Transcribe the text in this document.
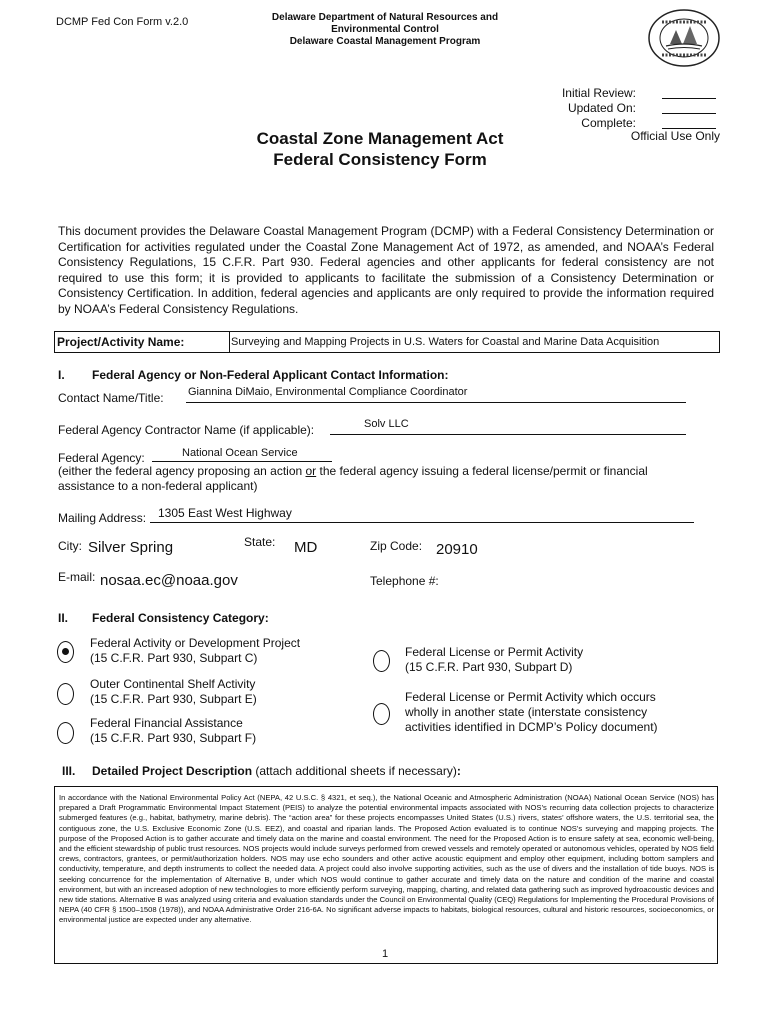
DCMP Fed Con Form v.2.0	Delaware Department of Natural Resources and
Environmental Control
Delaware Coastal Management Program
Initial Review:
Updated On:
Complete:
Official Use Only
Coastal Zone Management Act
Federal Consistency Form
This document provides the Delaware Coastal Management Program (DCMP) with a Federal Consistency Determination or Certification for activities regulated under the Coastal Zone Management Act of 1972, as amended, and NOAA’s Federal Consistency Regulations, 15 C.F.R. Part 930. Federal agencies and other applicants for federal consistency are not required to use this form; it is provided to applicants to facilitate the submission of a Consistency Determination or Consistency Certification. In addition, federal agencies and applicants are only required to provide the information required by NOAA’s Federal Consistency Regulations.
Project/Activity Name:	Surveying and Mapping Projects in U.S. Waters for Coastal and Marine Data Acquisition
I. Federal Agency or Non-Federal Applicant Contact Information:
Contact Name/Title: Giannina DiMaio, Environmental Compliance Coordinator
Federal Agency Contractor Name (if applicable):	Solv LLC
Federal Agency:	National Ocean Service
(either the federal agency proposing an action or the federal agency issuing a federal license/permit or financial assistance to a non-federal applicant)
Mailing Address: 1305 East West Highway
City: Silver Spring	State: MD	Zip Code: 20910
E-mail: nosaa.ec@noaa.gov	Telephone #:
II. Federal Consistency Category:
Federal Activity or Development Project
(15 C.F.R. Part 930, Subpart C)
Outer Continental Shelf Activity
(15 C.F.R. Part 930, Subpart E)
Federal Financial Assistance
(15 C.F.R. Part 930, Subpart F)
Federal License or Permit Activity
(15 C.F.R. Part 930, Subpart D)
Federal License or Permit Activity which occurs
wholly in another state (interstate consistency
activities identified in DCMP’s Policy document)
III. Detailed Project Description (attach additional sheets if necessary):
In accordance with the National Environmental Policy Act (NEPA, 42 U.S.C. § 4321, et seq.), the National Oceanic and Atmospheric Administration (NOAA) National Ocean Service (NOS) has prepared a Draft Programmatic Environmental Impact Statement (PEIS) to analyze the potential environmental impacts associated with NOS’s recurring data collection projects to characterize submerged features (e.g., habitat, bathymetry, marine debris). The “action area” for these projects encompasses United States (U.S.) rivers, states’ offshore waters, the U.S. territorial sea, the contiguous zone, the U.S. Exclusive Economic Zone (U.S. EEZ), and coastal and riparian lands. The Proposed Action evaluated is to continue NOS’s surveying and mapping projects. The purpose of the Proposed Action is to gather accurate and timely data on the marine and coastal environment. The need for the Proposed Action is to ensure safety at sea, economic well-being, and the efficient stewardship of public trust resources. NOS projects would include surveys performed from crewed vessels and remotely operated or autonomous vehicles, operated by NOS field crews, contractors, grantees, or permit/authorization holders. NOS may use echo sounders and other active acoustic equipment and employ other equipment, including bottom samplers and conductivity, temperature, and depth instruments to collect the needed data. A project could also involve supporting activities, such as the use of divers and the installation of tide buoys. NOS is seeking concurrence for the implementation of Alternative B, under which NOS would continue to gather accurate and timely data on the nature and condition of the marine and coastal environment, but with an increased adoption of new technologies to more efficiently perform surveying, mapping, charting, and related data gathering such as improved hydroacoustic devices and new tide stations. Alternative B was analyzed using criteria and evaluation standards under the Council on Environmental Quality (CEQ) Regulations for Implementing the Procedural Provisions of NEPA (40 CFR § 1500–1508 (1978)), and NOAA Administrative Order 216-6A. No significant adverse impacts to habitats, biological resources, cultural and historic resources, socioeconomics, or environmental justice are expected under any alternative.
1
